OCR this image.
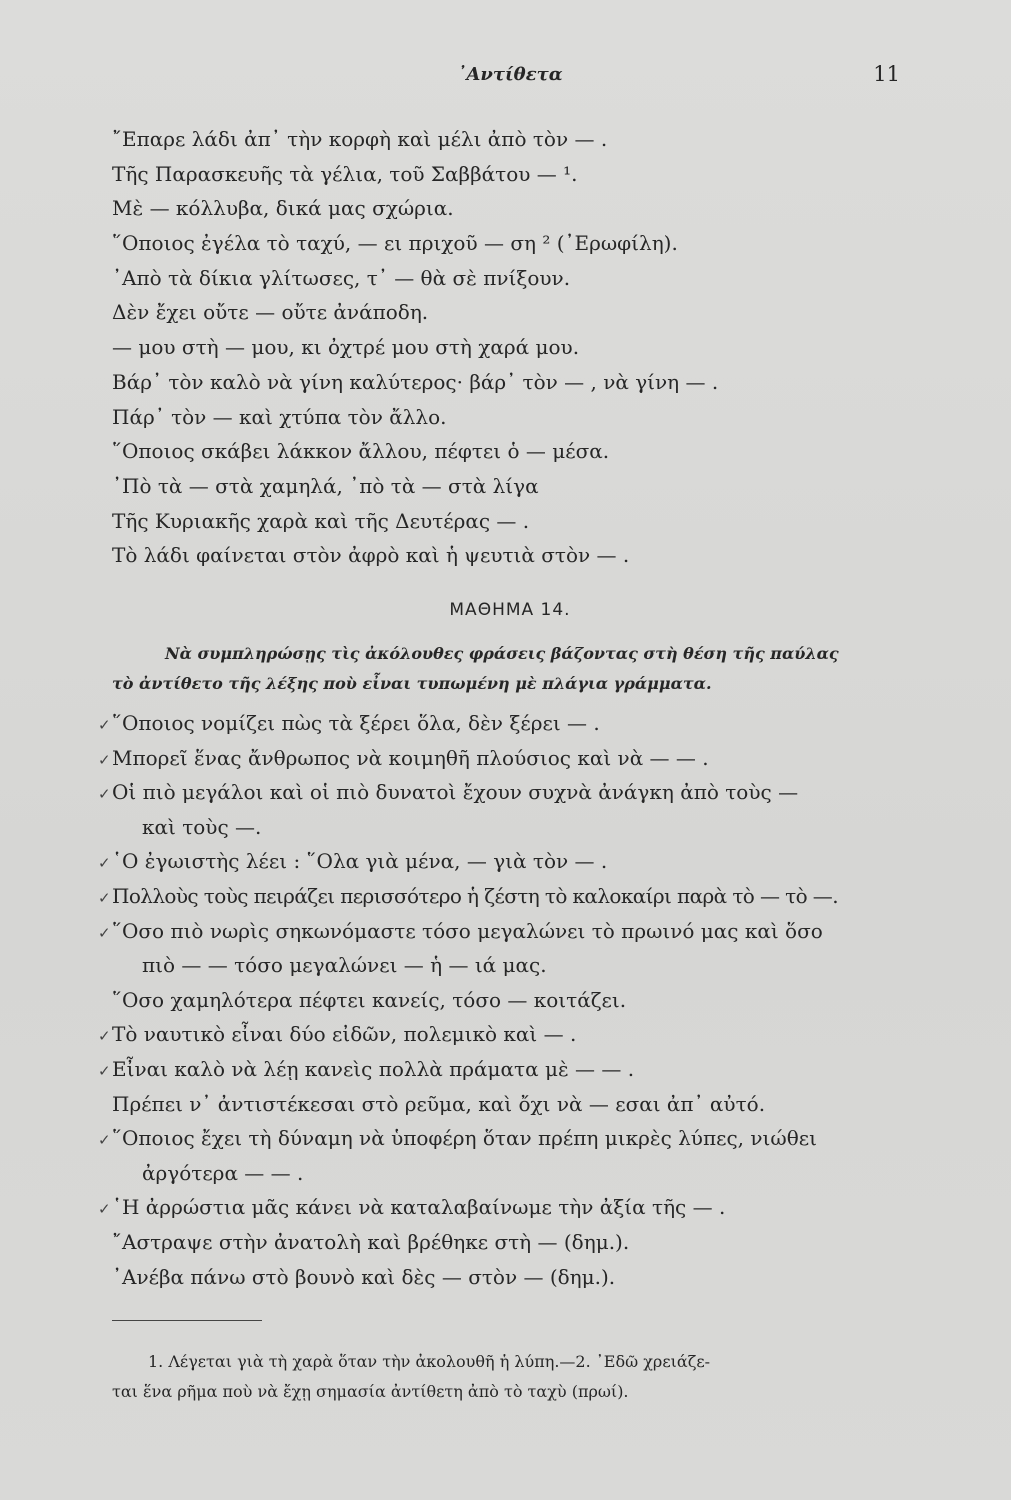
᾿Αντίθετα	11
῎Επαρε λάδι ἀπ᾿ τὴν κορφὴ καὶ μέλι ἀπὸ τὸν — .
Τῆς Παρασκευῆς τὰ γέλια, τοῦ Σαββάτου — ¹.
Μὲ — κόλλυβα, δικά μας σχώρια.
῞Οποιος ἐγέλα τὸ ταχύ, — ει πριχοῦ — ση ² (᾿Ερωφίλη).
᾿Απὸ τὰ δίκια γλίτωσες, τ᾿ — θὰ σὲ πνίξουν.
Δὲν ἔχει οὔτε — οὔτε ἀνάποδη.
— μου στὴ — μου, κι ὀχτρέ μου στὴ χαρά μου.
Βάρ᾿ τὸν καλὸ νὰ γίνη καλύτερος· βάρ᾿ τὸν — , νὰ γίνη — .
Πάρ᾿ τὸν — καὶ χτύπα τὸν ἄλλο.
῞Οποιος σκάβει λάκκον ἄλλου, πέφτει ὁ — μέσα.
᾿Πὸ τὰ — στὰ χαμηλά, ᾿πὸ τὰ — στὰ λίγα
Τῆς Κυριακῆς χαρὰ καὶ τῆς Δευτέρας — .
Τὸ λάδι φαίνεται στὸν ἀφρὸ καὶ ἡ ψευτιὰ στὸν — .
ΜΑΘΗΜΑ 14.
Νὰ συμπληρώσῃς τὶς ἀκόλουθες φράσεις βάζοντας στὴ θέση τῆς παύλας
τὸ ἀντίθετο τῆς λέξης ποὺ εἶναι τυπωμένη μὲ πλάγια γράμματα.
✓ ῞Οποιος νομίζει πὼς τὰ ξέρει ὅλα, δὲν ξέρει — .
✓ Μπορεῖ ἕνας ἄνθρωπος νὰ κοιμηθῆ πλούσιος καὶ νὰ — — .
✓ Οἱ πιὸ μεγάλοι καὶ οἱ πιὸ δυνατοὶ ἔχουν συχνὰ ἀνάγκη ἀπὸ τοὺς —
καὶ τοὺς —.
✓ ῾Ο ἐγωιστὴς λέει : ῞Ολα γιὰ μένα, — γιὰ τὸν — .
✓ Πολλοὺς τοὺς πειράζει περισσότερο ἡ ζέστη τὸ καλοκαίρι παρὰ τὸ — τὸ —.
✓ ῞Οσο πιὸ νωρὶς σηκωνόμαστε τόσο μεγαλώνει τὸ πρωινό μας καὶ ὅσο
πιὸ — — τόσο μεγαλώνει — ἡ — ιά μας.
῞Οσο χαμηλότερα πέφτει κανείς, τόσο — κοιτάζει.
✓ Τὸ ναυτικὸ εἶναι δύο εἰδῶν, πολεμικὸ καὶ — .
✓ Εἶναι καλὸ νὰ λέῃ κανεὶς πολλὰ πράματα μὲ — — .
Πρέπει ν᾿ ἀντιστέκεσαι στὸ ρεῦμα, καὶ ὄχι νὰ — εσαι ἀπ᾿ αὐτό.
✓ ῞Οποιος ἔχει τὴ δύναμη νὰ ὑποφέρη ὅταν πρέπη μικρὲς λύπες, νιώθει
ἀργότερα — — .
✓ ῾Η ἀρρώστια μᾶς κάνει νὰ καταλαβαίνωμε τὴν ἀξία τῆς — .
῎Αστραψε στὴν ἀνατολὴ καὶ βρέθηκε στὴ — (δημ.).
᾿Ανέβα πάνω στὸ βουνὸ καὶ δὲς — στὸν — (δημ.).
1. Λέγεται γιὰ τὴ χαρὰ ὅταν τὴν ἀκολουθῆ ἡ λύπη.—2. ᾿Εδῶ χρειάζε-
ται ἕνα ρῆμα ποὺ νὰ ἔχῃ σημασία ἀντίθετη ἀπὸ τὸ ταχὺ (πρωί).
